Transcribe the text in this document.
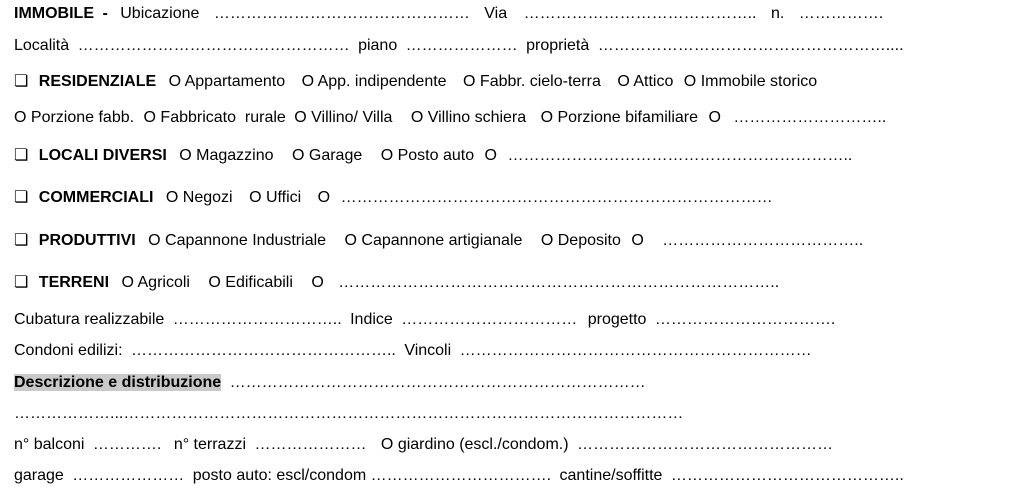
IMMOBILE - Ubicazione ………………………………………… Via …………………………………….. n. …………….
Località …………………………………………… piano ………………… proprietà ………………………………………………....
❏ RESIDENZIALE O Appartamento O App. indipendente O Fabbr. cielo-terra O Attico O Immobile storico
O Porzione fabb. O Fabbricato  rurale O Villino/ Villa O Villino schiera O Porzione bifamiliare O ………………………..
❏ LOCALI DIVERSI O Magazzino O Garage O Posto auto O ………………………………………………………..
❏ COMMERCIALI O Negozi O Uffici O ………………………………………………………………………
❏ PRODUTTIVI O Capannone Industriale O Capannone artigianale O Deposito O ………………………………..
❏ TERRENI O Agricoli O Edificabili O ………………………………………………………………………..
Cubatura realizzabile ………………………….. Indice …………………………… progetto …………………………….
Condoni edilizi: ………………………………………….. Vincoli …………………………………………………………
Descrizione e distribuzione ……………………………………………………………………
………………...……………………………………………………………………………………………
n° balconi …………. n° terrazzi ………………… O giardino (escl./condom.) …………………………………………
garage ………………… posto auto: escl/condom ……………………………. cantine/soffitte ……………………………………..
